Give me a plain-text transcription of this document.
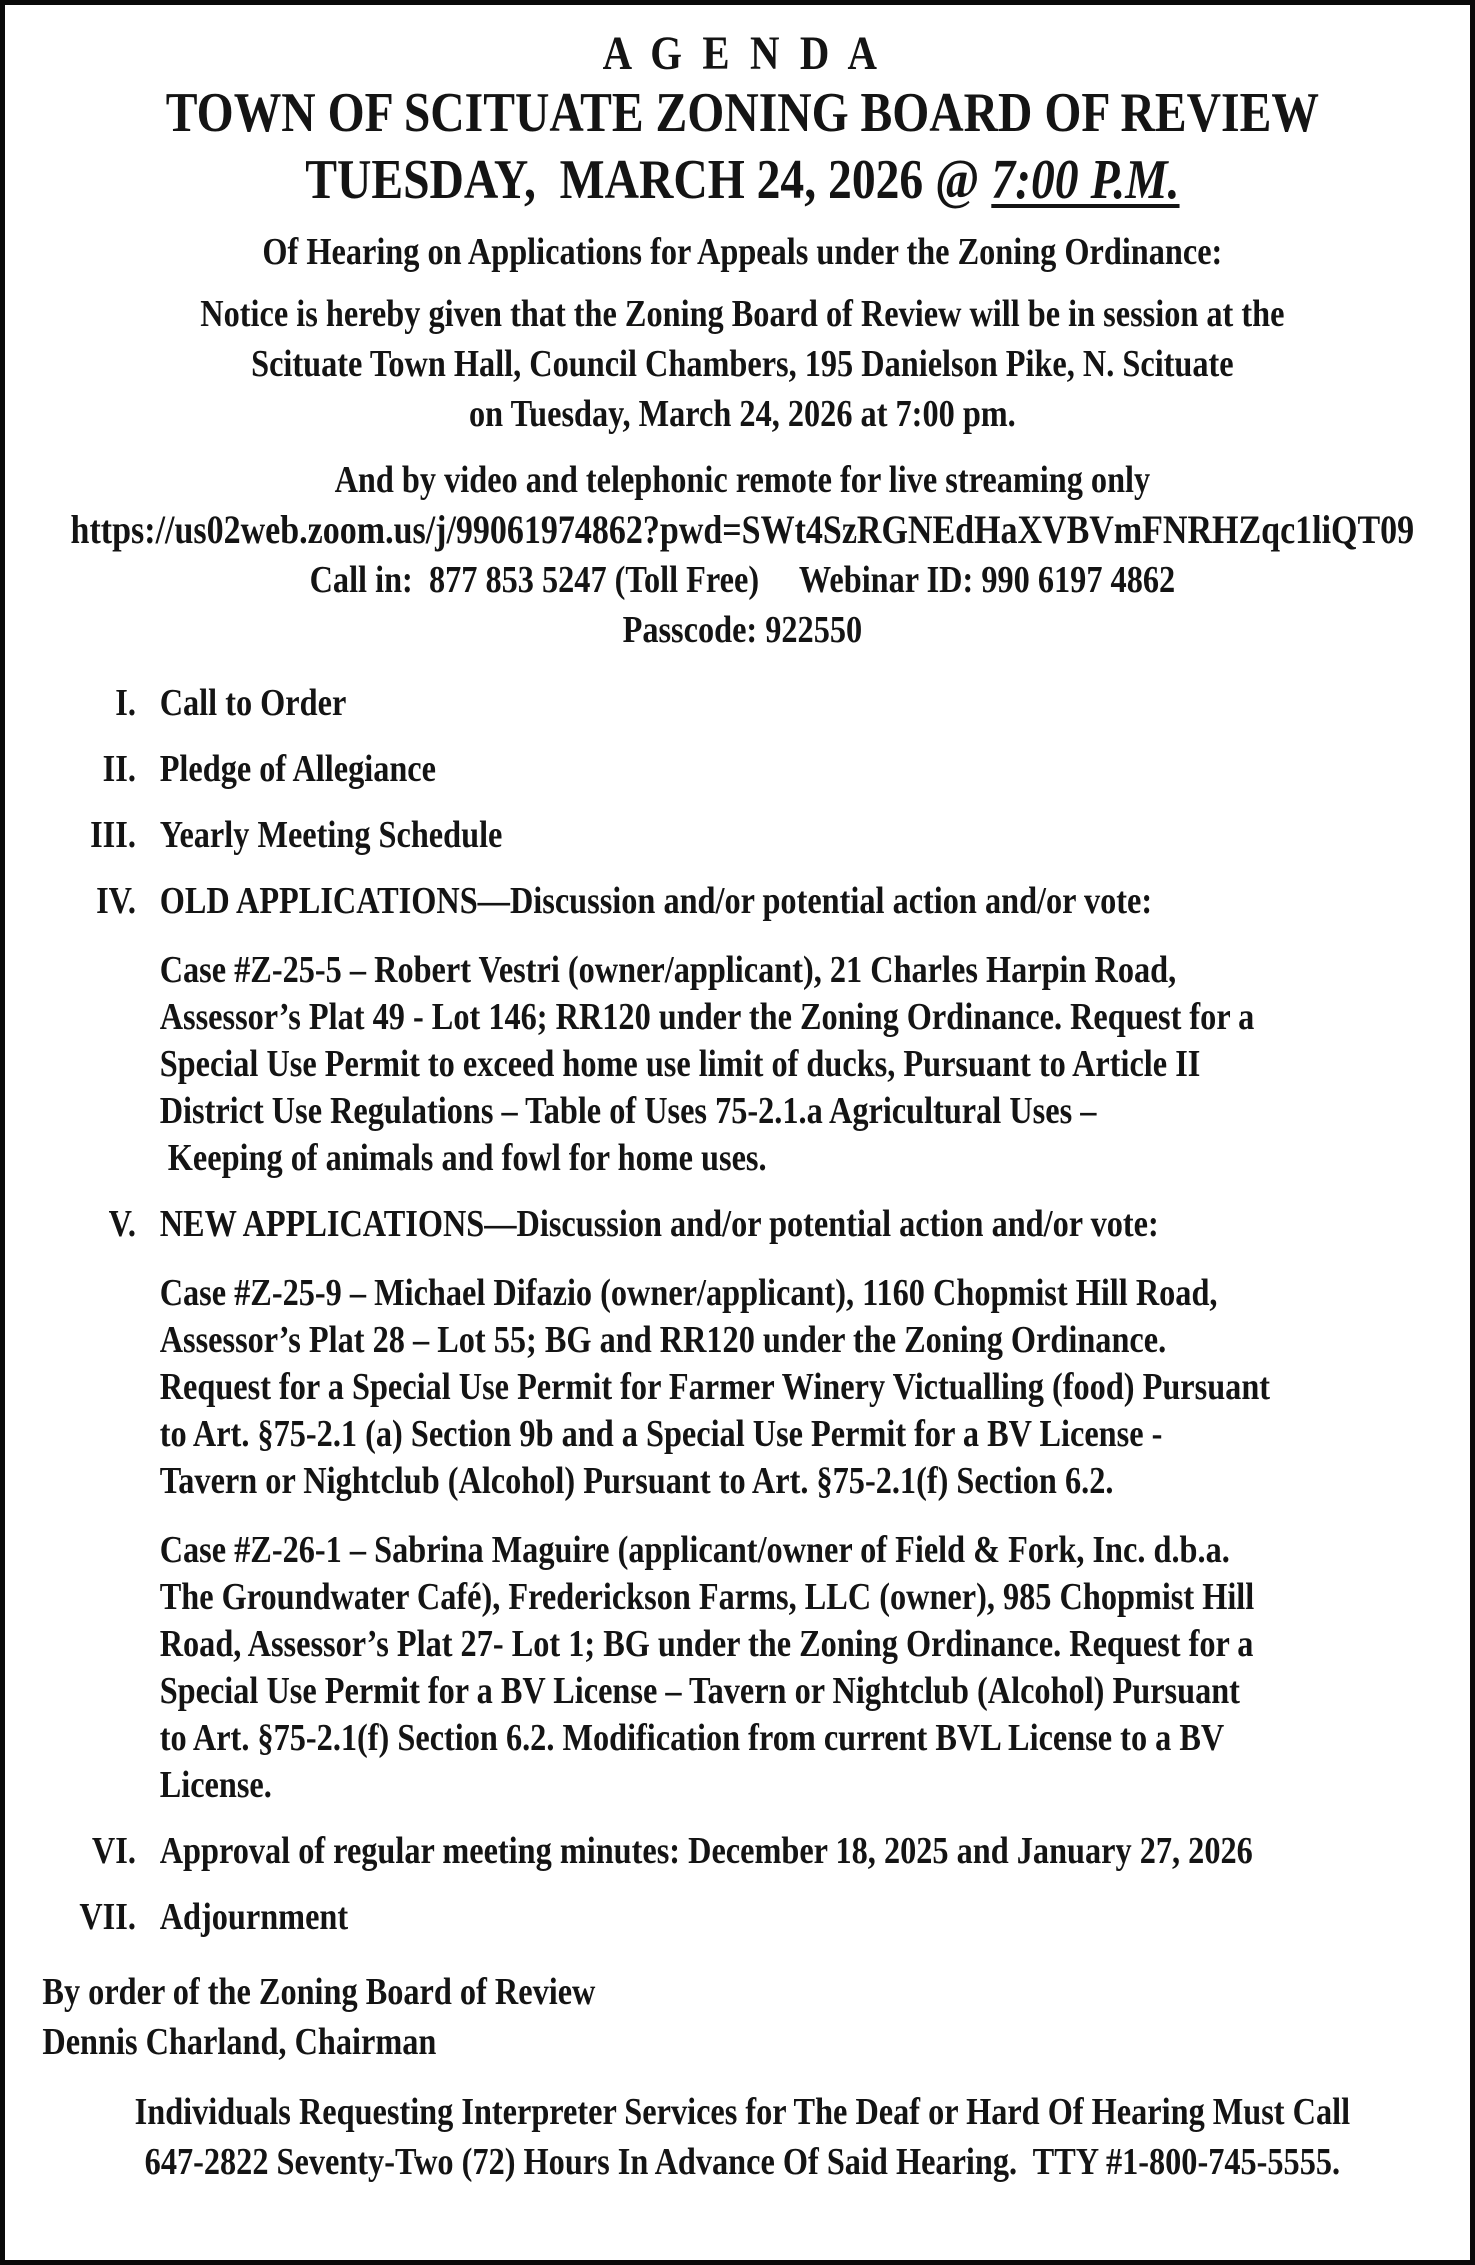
A G E N D A
TOWN OF SCITUATE ZONING BOARD OF REVIEW
TUESDAY,  MARCH 24, 2026 @ 7:00 P.M.
Of Hearing on Applications for Appeals under the Zoning Ordinance:
Notice is hereby given that the Zoning Board of Review will be in session at the
Scituate Town Hall, Council Chambers, 195 Danielson Pike, N. Scituate
on Tuesday, March 24, 2026 at 7:00 pm.
And by video and telephonic remote for live streaming only
https://us02web.zoom.us/j/99061974862?pwd=SWt4SzRGNEdHaXVBVmFNRHZqc1liQT09
Call in:  877 853 5247 (Toll Free)     Webinar ID: 990 6197 4862
Passcode: 922550
I. Call to Order
II. Pledge of Allegiance
III. Yearly Meeting Schedule
IV. OLD APPLICATIONS—Discussion and/or potential action and/or vote:
Case #Z-25-5 – Robert Vestri (owner/applicant), 21 Charles Harpin Road,
Assessor’s Plat 49 - Lot 146; RR120 under the Zoning Ordinance. Request for a
Special Use Permit to exceed home use limit of ducks, Pursuant to Article II
District Use Regulations – Table of Uses 75-2.1.a Agricultural Uses –
Keeping of animals and fowl for home uses.
V. NEW APPLICATIONS—Discussion and/or potential action and/or vote:
Case #Z-25-9 – Michael Difazio (owner/applicant), 1160 Chopmist Hill Road,
Assessor’s Plat 28 – Lot 55; BG and RR120 under the Zoning Ordinance.
Request for a Special Use Permit for Farmer Winery Victualling (food) Pursuant
to Art. §75-2.1 (a) Section 9b and a Special Use Permit for a BV License -
Tavern or Nightclub (Alcohol) Pursuant to Art. §75-2.1(f) Section 6.2.
Case #Z-26-1 – Sabrina Maguire (applicant/owner of Field & Fork, Inc. d.b.a.
The Groundwater Café), Frederickson Farms, LLC (owner), 985 Chopmist Hill
Road, Assessor’s Plat 27- Lot 1; BG under the Zoning Ordinance. Request for a
Special Use Permit for a BV License – Tavern or Nightclub (Alcohol) Pursuant
to Art. §75-2.1(f) Section 6.2. Modification from current BVL License to a BV
License.
VI. Approval of regular meeting minutes: December 18, 2025 and January 27, 2026
VII. Adjournment
By order of the Zoning Board of Review
Dennis Charland, Chairman
Individuals Requesting Interpreter Services for The Deaf or Hard Of Hearing Must Call
647-2822 Seventy-Two (72) Hours In Advance Of Said Hearing.  TTY #1-800-745-5555.
